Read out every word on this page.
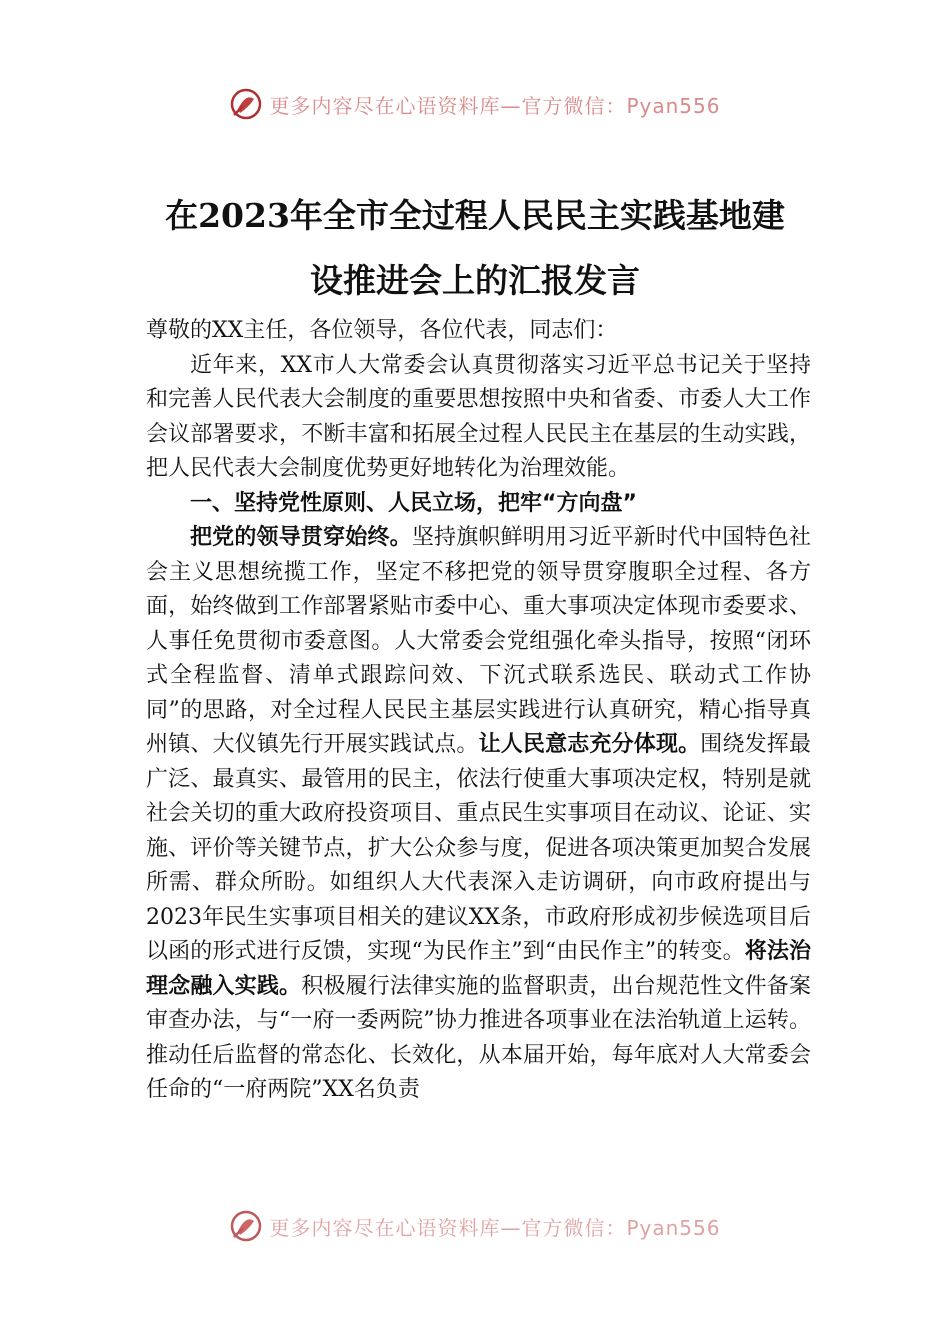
更多内容尽在心语资料库—官方微信：Pyan556
在2023年全市全过程人民民主实践基地建
设推进会上的汇报发言

尊敬的XX主任，各位领导，各位代表，同志们：

近年来，XX市人大常委会认真贯彻落实习近平总书记关于坚持和完善人民代表大会制度的重要思想按照中央和省委、市委人大工作会议部署要求，不断丰富和拓展全过程人民民主在基层的生动实践，把人民代表大会制度优势更好地转化为治理效能。

一、坚持党性原则、人民立场，把牢“方向盘”

把党的领导贯穿始终。坚持旗帜鲜明用习近平新时代中国特色社会主义思想统揽工作，坚定不移把党的领导贯穿腹职全过程、各方面，始终做到工作部署紧贴市委中心、重大事项决定体现市委要求、人事任免贯彻市委意图。人大常委会党组强化牵头指导，按照“闭环式全程监督、清单式跟踪问效、下沉式联系选民、联动式工作协同”的思路，对全过程人民民主基层实践进行认真研究，精心指导真州镇、大仪镇先行开展实践试点。让人民意志充分体现。围绕发挥最广泛、最真实、最管用的民主，依法行使重大事项决定权，特别是就社会关切的重大政府投资项目、重点民生实事项目在动议、论证、实施、评价等关键节点，扩大公众参与度，促进各项决策更加契合发展所需、群众所盼。如组织人大代表深入走访调研，向市政府提出与2023年民生实事项目相关的建议XX条，市政府形成初步候选项目后以函的形式进行反馈，实现“为民作主”到“由民作主”的转变。将法治理念融入实践。积极履行法律实施的监督职责，出台规范性文件备案审查办法，与“一府一委两院”协力推进各项事业在法治轨道上运转。推动任后监督的常态化、长效化，从本届开始，每年底对人大常委会任命的“一府两院”XX名负责

更多内容尽在心语资料库—官方微信：Pyan556
